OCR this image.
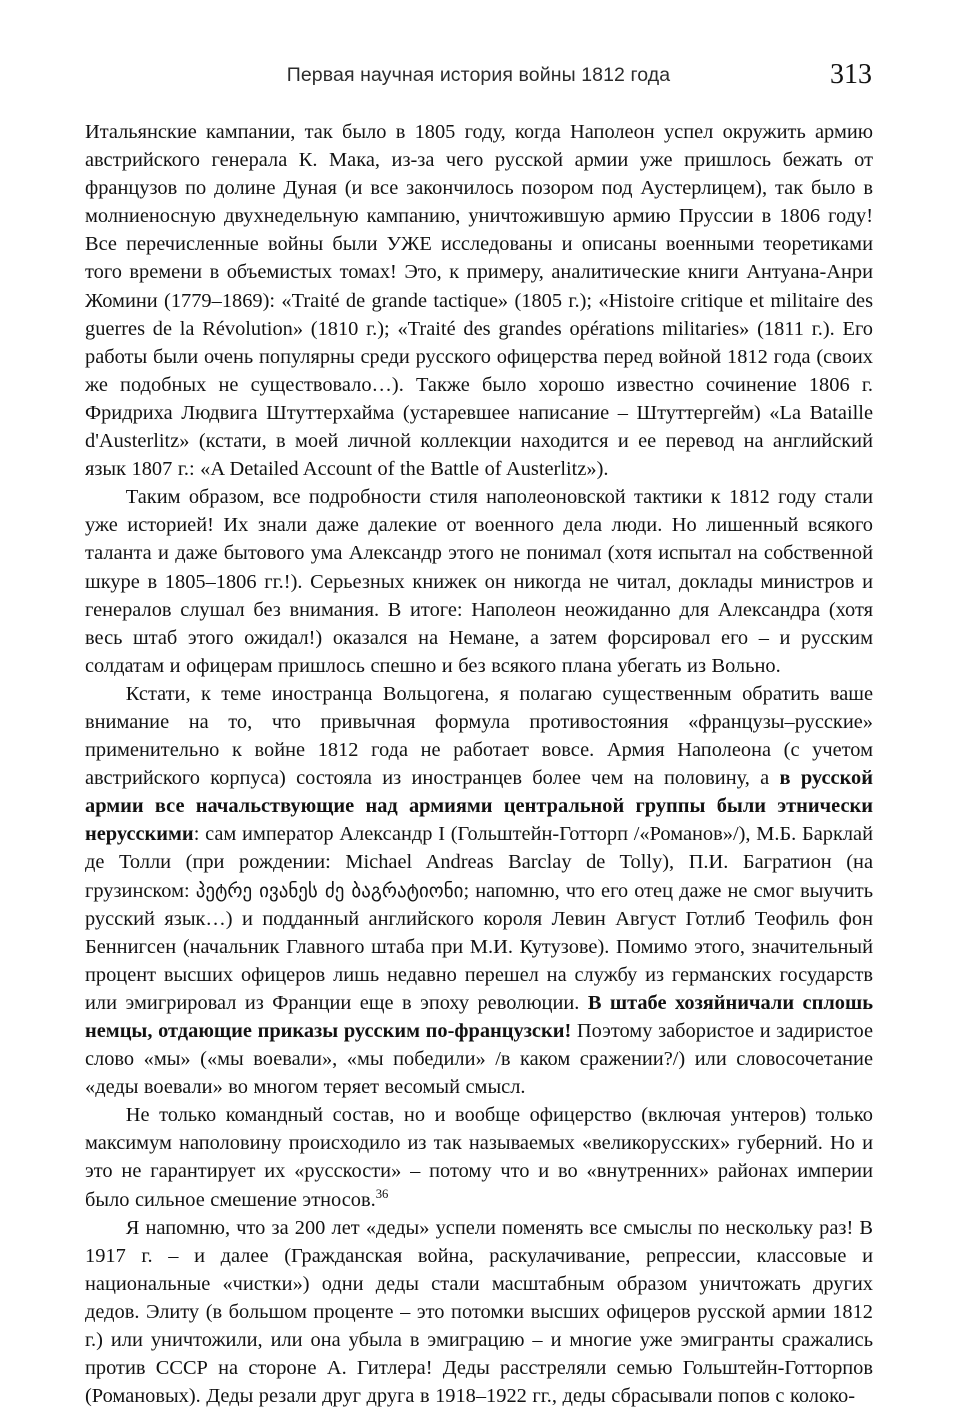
Первая научная история войны 1812 года	313

Итальянские кампании, так было в 1805 году, когда Наполеон успел окружить армию австрийского генерала К. Мака, из-за чего русской армии уже пришлось бежать от французов по долине Дуная (и все закончилось позором под Аустерлицем), так было в молниеносную двухнедельную кампанию, уничтожившую армию Пруссии в 1806 году! Все перечисленные войны были УЖЕ исследованы и описаны военными теоретиками того времени в объемистых томах! Это, к примеру, аналитические книги Антуана-Анри Жомини (1779–1869): «Traité de grande tactique» (1805 г.); «Histoire critique et militaire des guerres de la Révolution» (1810 г.); «Traité des grandes opérations militaries» (1811 г.). Его работы были очень популярны среди русского офицерства перед войной 1812 года (своих же подобных не существовало…). Также было хорошо известно сочинение 1806 г. Фридриха Людвига Штуттерхайма (устаревшее написание – Штуттергейм) «La Bataille d'Austerlitz» (кстати, в моей личной коллекции находится и ее перевод на английский язык 1807 г.: «A Detailed Account of the Battle of Austerlitz»).

Таким образом, все подробности стиля наполеоновской тактики к 1812 году стали уже историей! Их знали даже далекие от военного дела люди. Но лишенный всякого таланта и даже бытового ума Александр этого не понимал (хотя испытал на собственной шкуре в 1805–1806 гг.!). Серьезных книжек он никогда не читал, доклады министров и генералов слушал без внимания. В итоге: Наполеон неожиданно для Александра (хотя весь штаб этого ожидал!) оказался на Немане, а затем форсировал его – и русским солдатам и офицерам пришлось спешно и без всякого плана убегать из Вольно.

Кстати, к теме иностранца Вольцогена, я полагаю существенным обратить ваше внимание на то, что привычная формула противостояния «французы–русские» применительно к войне 1812 года не работает вовсе. Армия Наполеона (с учетом австрийского корпуса) состояла из иностранцев более чем на половину, а в русской армии все начальствующие над армиями центральной группы были этнически нерусскими: сам император Александр I (Гольштейн-Готторп /«Романов»/), М.Б. Барклай де Толли (при рождении: Michael Andreas Barclay de Tolly), П.И. Багратион (на грузинском: პეტრე ივანეს ძე ბაგრატიონი; напомню, что его отец даже не смог выучить русский язык…) и подданный английского короля Левин Август Готлиб Теофиль фон Беннигсен (начальник Главного штаба при М.И. Кутузове). Помимо этого, значительный процент высших офицеров лишь недавно перешел на службу из германских государств или эмигрировал из Франции еще в эпоху революции. В штабе хозяйничали сплошь немцы, отдающие приказы русским по-французски! Поэтому забористое и задиристое слово «мы» («мы воевали», «мы победили» /в каком сражении?/) или словосочетание «деды воевали» во многом теряет весомый смысл.

Не только командный состав, но и вообще офицерство (включая унтеров) только максимум наполовину происходило из так называемых «великорусских» губерний. Но и это не гарантирует их «русскости» – потому что и во «внутренних» районах империи было сильное смешение этносов.$^{36}$

Я напомню, что за 200 лет «деды» успели поменять все смыслы по нескольку раз! В 1917 г. – и далее (Гражданская война, раскулачивание, репрессии, классовые и национальные «чистки») одни деды стали масштабным образом уничтожать других дедов. Элиту (в большом проценте – это потомки высших офицеров русской армии 1812 г.) или уничтожили, или она убыла в эмиграцию – и многие уже эмигранты сражались против СССР на стороне А. Гитлера! Деды расстреляли семью Гольштейн-Готторпов (Романовых). Деды резали друг друга в 1918–1922 гг., деды сбрасывали попов с колоко-
